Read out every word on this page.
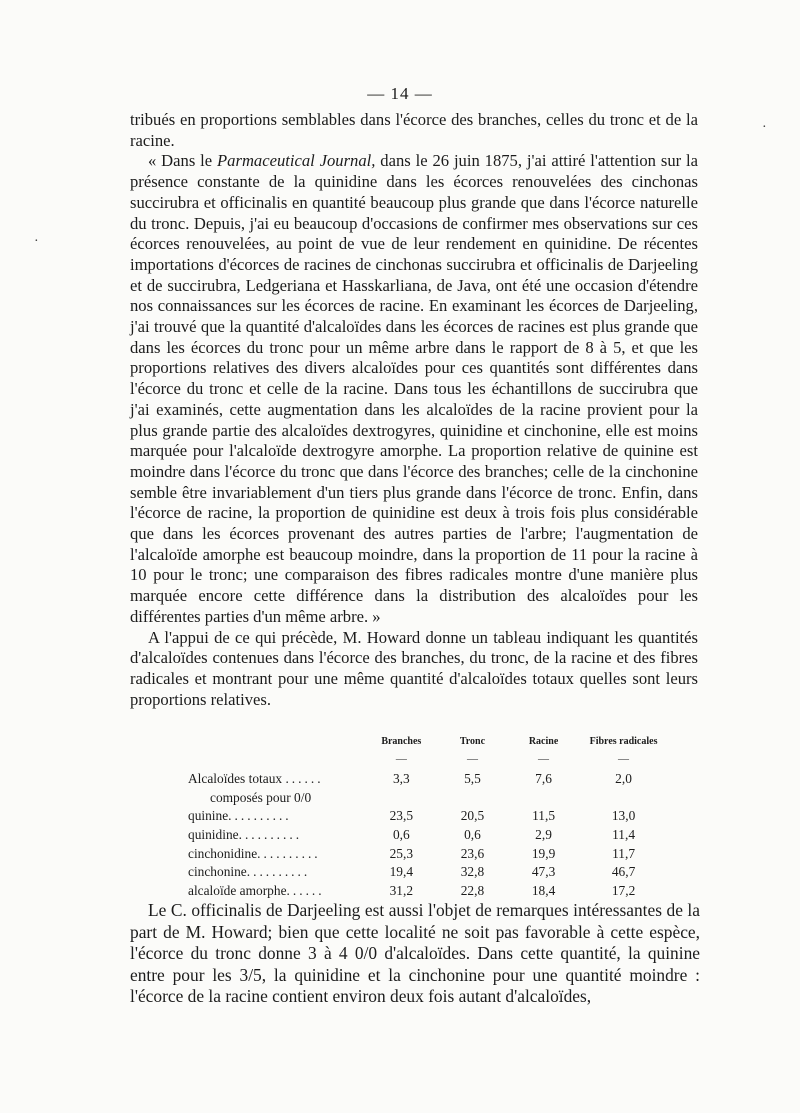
— 14 —

tribués en proportions semblables dans l'écorce des branches, celles du tronc et de la racine.

« Dans le Parmaceutical Journal, dans le 26 juin 1875, j'ai attiré l'attention sur la présence constante de la quinidine dans les écorces renouvelées des cinchonas succirubra et officinalis en quantité beaucoup plus grande que dans l'écorce naturelle du tronc. Depuis, j'ai eu beaucoup d'occasions de confirmer mes observations sur ces écorces renouvelées, au point de vue de leur rendement en quinidine. De récentes importations d'écorces de racines de cinchonas succirubra et officinalis de Darjeeling et de succirubra, Ledgeriana et Hasskarliana, de Java, ont été une occasion d'étendre nos connaissances sur les écorces de racine. En examinant les écorces de Darjeeling, j'ai trouvé que la quantité d'alcaloïdes dans les écorces de racines est plus grande que dans les écorces du tronc pour un même arbre dans le rapport de 8 à 5, et que les proportions relatives des divers alcaloïdes pour ces quantités sont différentes dans l'écorce du tronc et celle de la racine. Dans tous les échantillons de succirubra que j'ai examinés, cette augmentation dans les alcaloïdes de la racine provient pour la plus grande partie des alcaloïdes dextrogyres, quinidine et cinchonine, elle est moins marquée pour l'alcaloïde dextrogyre amorphe. La proportion relative de quinine est moindre dans l'écorce du tronc que dans l'écorce des branches; celle de la cinchonine semble être invariablement d'un tiers plus grande dans l'écorce de tronc. Enfin, dans l'écorce de racine, la proportion de quinidine est deux à trois fois plus considérable que dans les écorces provenant des autres parties de l'arbre; l'augmentation de l'alcaloïde amorphe est beaucoup moindre, dans la proportion de 11 pour la racine à 10 pour le tronc; une comparaison des fibres radicales montre d'une manière plus marquée encore cette différence dans la distribution des alcaloïdes pour les différentes parties d'un même arbre. »

A l'appui de ce qui précède, M. Howard donne un tableau indiquant les quantités d'alcaloïdes contenues dans l'écorce des branches, du tronc, de la racine et des fibres radicales et montrant pour une même quantité d'alcaloïdes totaux quelles sont leurs proportions relatives.

Branches	Tronc	Racine	Fibres radicales
—	—	—	—
Alcaloïdes totaux ......	3,3	5,5	7,6	2,0
composés pour 0/0
quinine..........	23,5	20,5	11,5	13,0
quinidine..........	0,6	0,6	2,9	11,4
cinchonidine..........	25,3	23,6	19,9	11,7
cinchonine..........	19,4	32,8	47,3	46,7
alcaloïde amorphe......	31,2	22,8	18,4	17,2

Le C. officinalis de Darjeeling est aussi l'objet de remarques intéressantes de la part de M. Howard; bien que cette localité ne soit pas favorable à cette espèce, l'écorce du tronc donne 3 à 4 0/0 d'alcaloïdes. Dans cette quantité, la quinine entre pour les 3/5, la quinidine et la cinchonine pour une quantité moindre : l'écorce de la racine contient environ deux fois autant d'alcaloïdes,

·
·
